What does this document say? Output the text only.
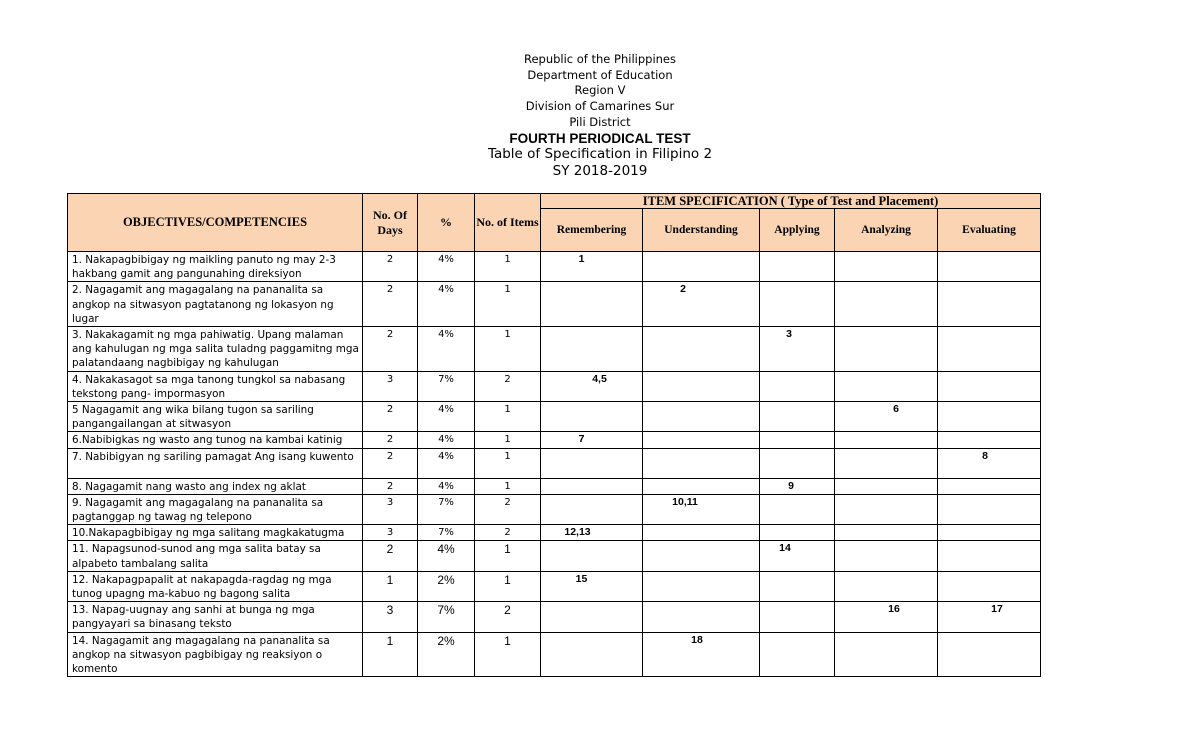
Republic of the Philippines
Department of Education
Region V
Division of Camarines Sur
Pili District
FOURTH PERIODICAL TEST
Table of Specification in Filipino 2
SY 2018-2019
OBJECTIVES/COMPETENCIES	No. Of Days	%	No. of Items	ITEM SPECIFICATION ( Type of Test and Placement)				
				Remembering	Understanding	Applying	Analyzing	Evaluating
1. Nakapagbibigay ng maikling panuto ng may 2-3 hakbang gamit ang pangunahing direksiyon	2	4%	1	1				
2. Nagagamit ang magagalang na pananalita sa angkop na sitwasyon pagtatanong ng lokasyon ng lugar	2	4%	1		2			
3. Nakakagamit ng mga pahiwatig. Upang malaman ang kahulugan ng mga salita tuladng paggamitng mga palatandaang nagbibigay ng kahulugan	2	4%	1			3		
4. Nakakasagot sa mga tanong tungkol sa nabasang tekstong pang- impormasyon	3	7%	2	4,5				
5 Nagagamit ang wika bilang tugon sa sariling pangangailangan at sitwasyon	2	4%	1				6	
6.Nabibigkas ng wasto ang tunog na kambai katinig	2	4%	1	7				
7. Nabibigyan ng sariling pamagat Ang isang kuwento	2	4%	1					8
8. Nagagamit nang wasto ang index ng aklat	2	4%	1			9		
9. Nagagamit ang magagalang na pananalita sa pagtanggap ng tawag ng telepono	3	7%	2		10,11			
10.Nakapagbibigay ng mga salitang magkakatugma	3	7%	2	12,13				
11. Napagsunod-sunod ang mga salita batay sa alpabeto tambalang salita	2	4%	1			14		
12. Nakapagpapalit at nakapagda-ragdag ng mga tunog upagng ma-kabuo ng bagong salita	1	2%	1	15				
13. Napag-uugnay ang sanhi at bunga ng mga pangyayari sa binasang teksto	3	7%	2				16	17
14. Nagagamit ang magagalang na pananalita sa angkop na sitwasyon pagbibigay ng reaksiyon o komento	1	2%	1		18			
